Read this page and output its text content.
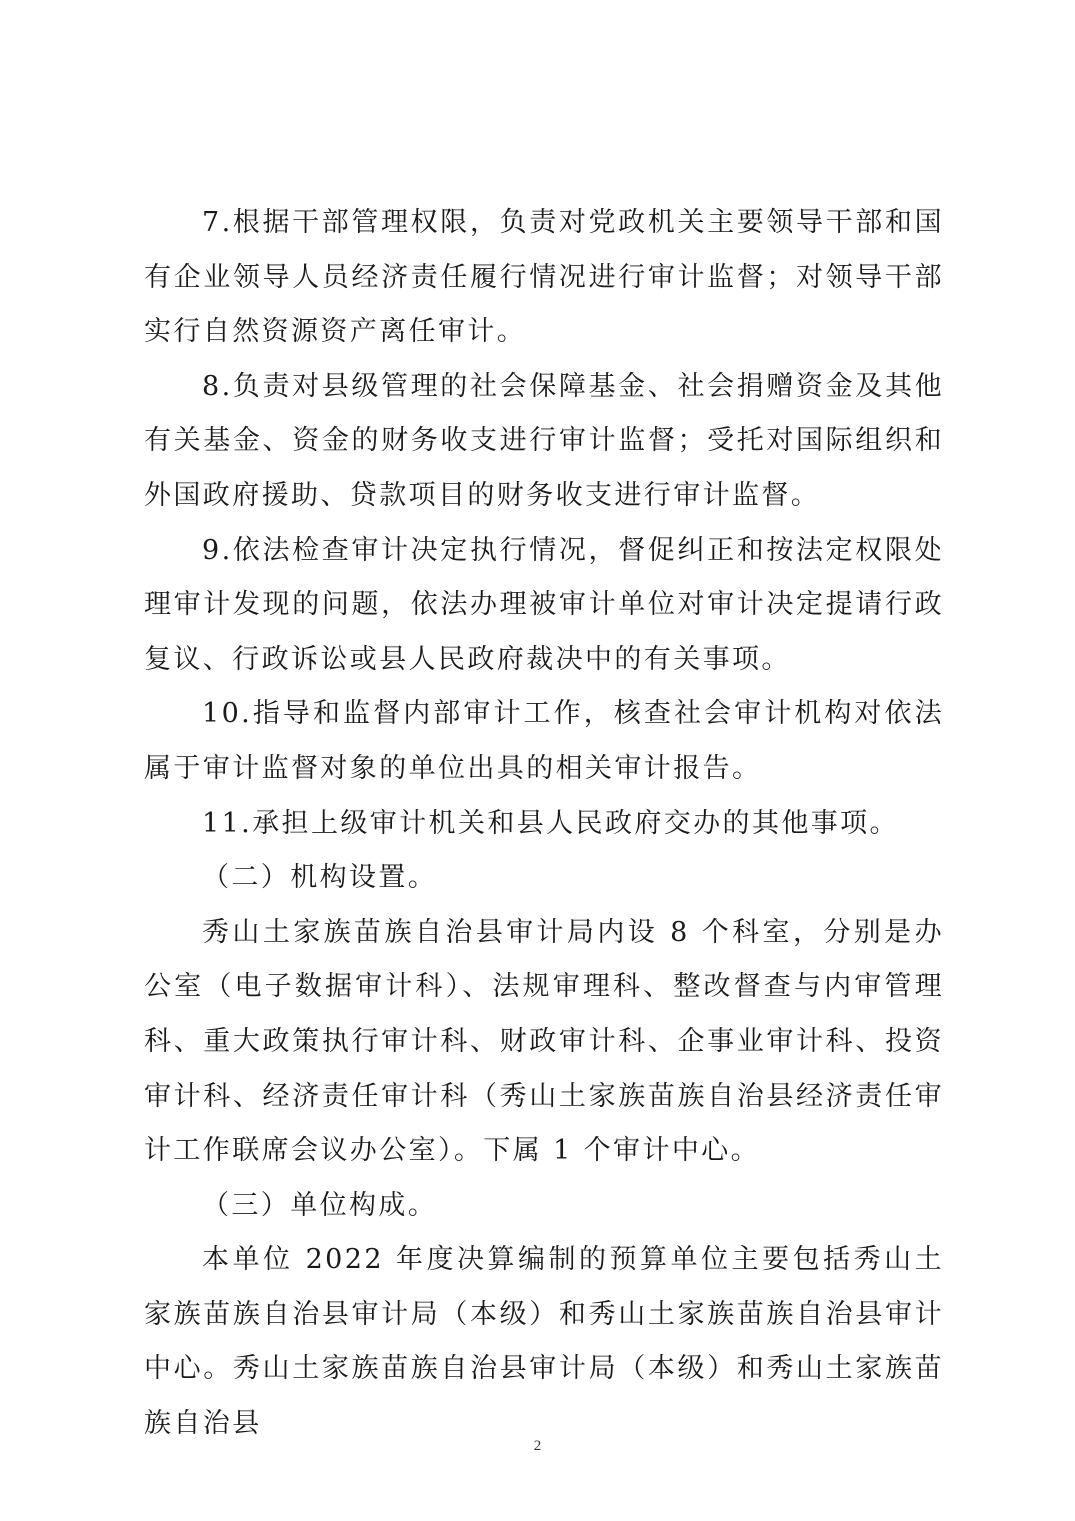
7.根据干部管理权限，负责对党政机关主要领导干部和国有企业领导人员经济责任履行情况进行审计监督；对领导干部实行自然资源资产离任审计。

8.负责对县级管理的社会保障基金、社会捐赠资金及其他有关基金、资金的财务收支进行审计监督；受托对国际组织和外国政府援助、贷款项目的财务收支进行审计监督。

9.依法检查审计决定执行情况，督促纠正和按法定权限处理审计发现的问题，依法办理被审计单位对审计决定提请行政复议、行政诉讼或县人民政府裁决中的有关事项。

10.指导和监督内部审计工作，核查社会审计机构对依法属于审计监督对象的单位出具的相关审计报告。

11.承担上级审计机关和县人民政府交办的其他事项。

（二）机构设置。

秀山土家族苗族自治县审计局内设 8 个科室，分别是办公室（电子数据审计科）、法规审理科、整改督查与内审管理科、重大政策执行审计科、财政审计科、企事业审计科、投资审计科、经济责任审计科（秀山土家族苗族自治县经济责任审计工作联席会议办公室）。下属 1 个审计中心。

（三）单位构成。

本单位 2022 年度决算编制的预算单位主要包括秀山土家族苗族自治县审计局（本级）和秀山土家族苗族自治县审计中心。秀山土家族苗族自治县审计局（本级）和秀山土家族苗族自治县

2
